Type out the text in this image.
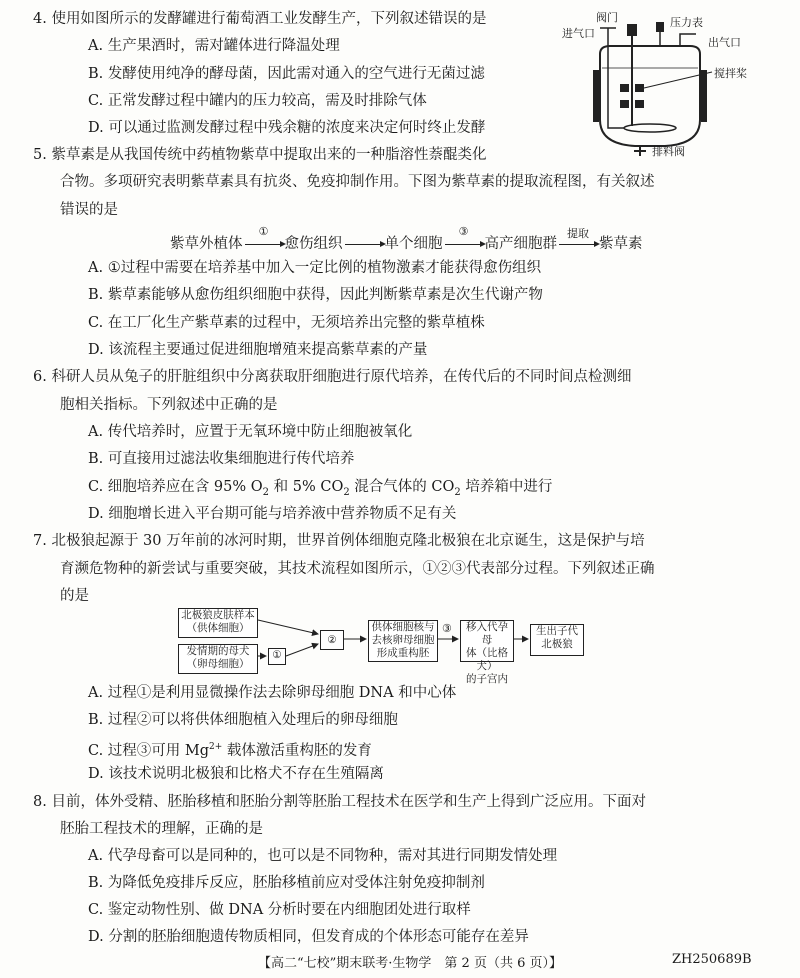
4. 使用如图所示的发酵罐进行葡萄酒工业发酵生产，下列叙述错误的是
A. 生产果酒时，需对罐体进行降温处理
B. 发酵使用纯净的酵母菌，因此需对通入的空气进行无菌过滤
C. 正常发酵过程中罐内的压力较高，需及时排除气体
D. 可以通过监测发酵过程中残余糖的浓度来决定何时终止发酵
阀门	压力表
进气口
出气口
搅拌桨
排料阀
5. 紫草素是从我国传统中药植物紫草中提取出来的一种脂溶性萘醌类化
合物。多项研究表明紫草素具有抗炎、免疫抑制作用。下图为紫草素的提取流程图，有关叙述
错误的是
紫草外植体
①
愈伤组织	单个细胞
③
高产细胞群
提取
紫草素
A. ①过程中需要在培养基中加入一定比例的植物激素才能获得愈伤组织
B. 紫草素能够从愈伤组织细胞中获得，因此判断紫草素是次生代谢产物
C. 在工厂化生产紫草素的过程中，无须培养出完整的紫草植株
D. 该流程主要通过促进细胞增殖来提高紫草素的产量
6. 科研人员从兔子的肝脏组织中分离获取肝细胞进行原代培养，在传代后的不同时间点检测细
胞相关指标。下列叙述中正确的是
A. 传代培养时，应置于无氧环境中防止细胞被氧化
B. 可直接用过滤法收集细胞进行传代培养
C. 细胞培养应在含 95% $O_2$ 和 5% $CO_2$ 混合气体的 $CO_2$ 培养箱中进行
D. 细胞增长进入平台期可能与培养液中营养物质不足有关
7. 北极狼起源于 30 万年前的冰河时期，世界首例体细胞克隆北极狼在北京诞生，这是保护与培
育濒危物种的新尝试与重要突破，其技术流程如图所示，①②③代表部分过程。下列叙述正确
的是
北极狼皮肤样本
（供体细胞）
发情期的母犬
（卵母细胞）
①
②
供体细胞核与
去核卵母细胞
形成重构胚
③	移入代孕母
体（比格犬）
的子宫内
生出子代
北极狼
A. 过程①是利用显微操作法去除卵母细胞 DNA 和中心体
B. 过程②可以将供体细胞植入处理后的卵母细胞
C. 过程③可用 $Mg^{2+}$ 载体激活重构胚的发育
D. 该技术说明北极狼和比格犬不存在生殖隔离
8. 目前，体外受精、胚胎移植和胚胎分割等胚胎工程技术在医学和生产上得到广泛应用。下面对
胚胎工程技术的理解，正确的是
A. 代孕母畜可以是同种的，也可以是不同物种，需对其进行同期发情处理
B. 为降低免疫排斥反应，胚胎移植前应对受体注射免疫抑制剂
C. 鉴定动物性别、做 DNA 分析时要在内细胞团处进行取样
D. 分割的胚胎细胞遗传物质相同，但发育成的个体形态可能存在差异
【高二“七校”期末联考·生物学　第 2 页（共 6 页）】	ZH250689B
